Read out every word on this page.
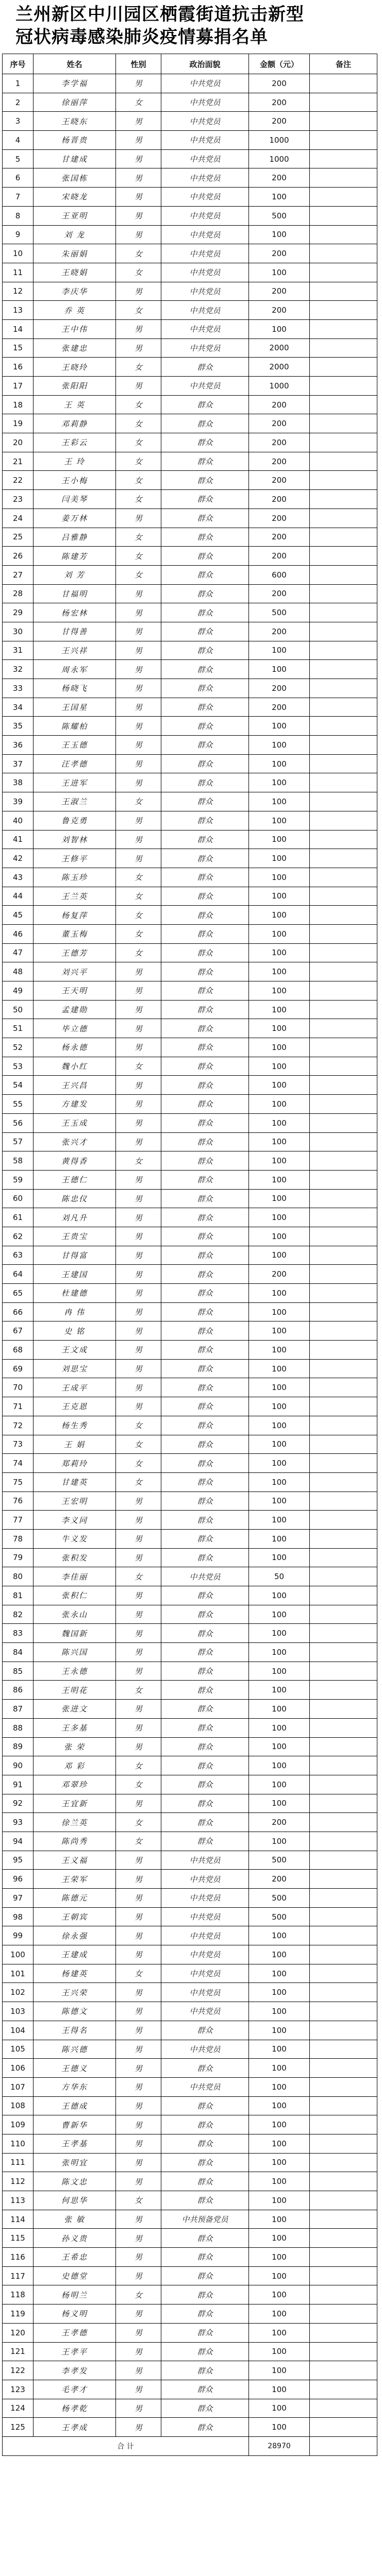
兰州新区中川园区栖霞街道抗击新型
冠状病毒感染肺炎疫情募捐名单
序号	姓名	性别	政治面貌	金额（元）	备注
1	李学福	男	中共党员	200	
2	徐丽萍	女	中共党员	200	
3	王晓东	男	中共党员	200	
4	杨晋贵	男	中共党员	1000	
5	甘建成	男	中共党员	1000	
6	张国栋	男	中共党员	200	
7	宋晓龙	男	中共党员	100	
8	王亚明	男	中共党员	500	
9	刘 龙	男	中共党员	100	
10	朱丽娟	女	中共党员	200	
11	王晓娟	女	中共党员	100	
12	李庆华	男	中共党员	200	
13	乔 英	女	中共党员	200	
14	王中伟	男	中共党员	100	
15	张建忠	男	中共党员	2000	
16	王晓玲	女	群众	2000	
17	张阳阳	男	中共党员	1000	
18	王 英	女	群众	200	
19	邓莉静	女	群众	200	
20	王彩云	女	群众	200	
21	王 玲	女	群众	200	
22	王小梅	女	群众	200	
23	闫美琴	女	群众	200	
24	姜万林	男	群众	200	
25	吕雅静	女	群众	200	
26	陈建芳	女	群众	200	
27	刘 芳	女	群众	600	
28	甘福明	男	群众	200	
29	杨宏林	男	群众	500	
30	甘得善	男	群众	200	
31	王兴祥	男	群众	100	
32	周永军	男	群众	100	
33	杨晓飞	男	群众	200	
34	王国星	男	群众	200	
35	陈耀柏	男	群众	100	
36	王玉德	男	群众	100	
37	汪孝德	男	群众	100	
38	王进军	男	群众	100	
39	王淑兰	女	群众	100	
40	鲁克勇	男	群众	100	
41	刘智林	男	群众	100	
42	王修平	男	群众	100	
43	陈玉珍	女	群众	100	
44	王兰英	女	群众	100	
45	杨复萍	女	群众	100	
46	董玉梅	女	群众	100	
47	王德芳	女	群众	100	
48	刘兴平	男	群众	100	
49	王天明	男	群众	100	
50	孟建勋	男	群众	100	
51	毕立德	男	群众	100	
52	杨永德	男	群众	100	
53	魏小红	女	群众	100	
54	王兴昌	男	群众	100	
55	方建发	男	群众	100	
56	王玉成	男	群众	100	
57	张兴才	男	群众	100	
58	黄得香	女	群众	100	
59	王德仁	男	群众	100	
60	陈忠仪	男	群众	100	
61	刘凡升	男	群众	100	
62	王贵宝	男	群众	100	
63	甘得富	男	群众	100	
64	王建国	男	群众	200	
65	杜建德	男	群众	100	
66	冉 伟	男	群众	100	
67	史 铭	男	群众	100	
68	王文成	男	群众	100	
69	刘思宝	男	群众	100	
70	王成平	男	群众	100	
71	王克恩	男	群众	100	
72	杨生秀	女	群众	100	
73	王 娟	女	群众	100	
74	郑莉玲	女	群众	100	
75	甘建英	女	群众	100	
76	王宏明	男	群众	100	
77	李义同	男	群众	100	
78	牛义发	男	群众	100	
79	张积发	男	群众	100	
80	李佳丽	女	中共党员	50	
81	张积仁	男	群众	100	
82	张永山	男	群众	100	
83	魏国新	男	群众	100	
84	陈兴国	男	群众	100	
85	王永德	男	群众	100	
86	王明花	女	群众	100	
87	张进文	男	群众	100	
88	王多基	男	群众	100	
89	张 荣	男	群众	100	
90	邓 彩	女	群众	100	
91	邓翠珍	女	群众	100	
92	王宜新	男	群众	100	
93	徐兰英	女	群众	200	
94	陈尚秀	女	群众	100	
95	王义福	男	中共党员	500	
96	王荣军	男	中共党员	200	
97	陈德元	男	中共党员	500	
98	王朝宾	男	中共党员	500	
99	徐永强	男	中共党员	100	
100	王建成	男	中共党员	100	
101	杨建英	女	中共党员	100	
102	王兴荣	男	中共党员	100	
103	陈德文	男	中共党员	100	
104	王得名	男	群众	100	
105	陈兴德	男	中共党员	100	
106	王德义	男	群众	100	
107	方华东	男	中共党员	100	
108	王德成	男	群众	100	
109	曹新华	男	群众	100	
110	王孝基	男	群众	100	
111	张明宜	男	群众	100	
112	陈文忠	男	群众	100	
113	何思华	女	群众	100	
114	张 敏	男	中共预备党员	100	
115	孙义贵	男	群众	100	
116	王希忠	男	群众	100	
117	史德堂	男	群众	100	
118	杨明兰	女	群众	100	
119	杨义明	男	群众	100	
120	王孝德	男	群众	100	
121	王孝平	男	群众	100	
122	李孝发	男	群众	100	
123	毛孝才	男	群众	100	
124	杨孝乾	男	群众	100	
125	王孝成	男	群众	100	
合 计				28970	
